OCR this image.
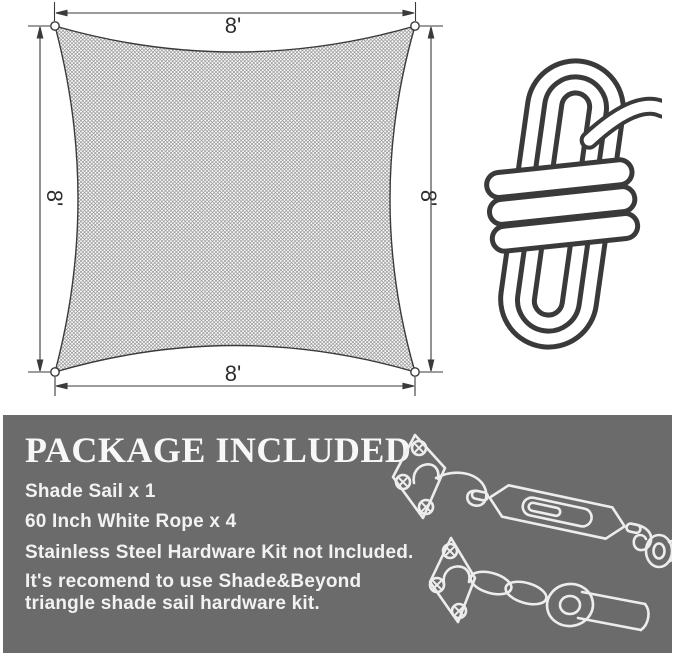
8'
8'
8'	8'
PACKAGE INCLUDED
Shade Sail x 1
60 Inch White Rope x 4
Stainless Steel Hardware Kit not Included.
It's recomend to use Shade&Beyond
triangle shade sail hardware kit.
